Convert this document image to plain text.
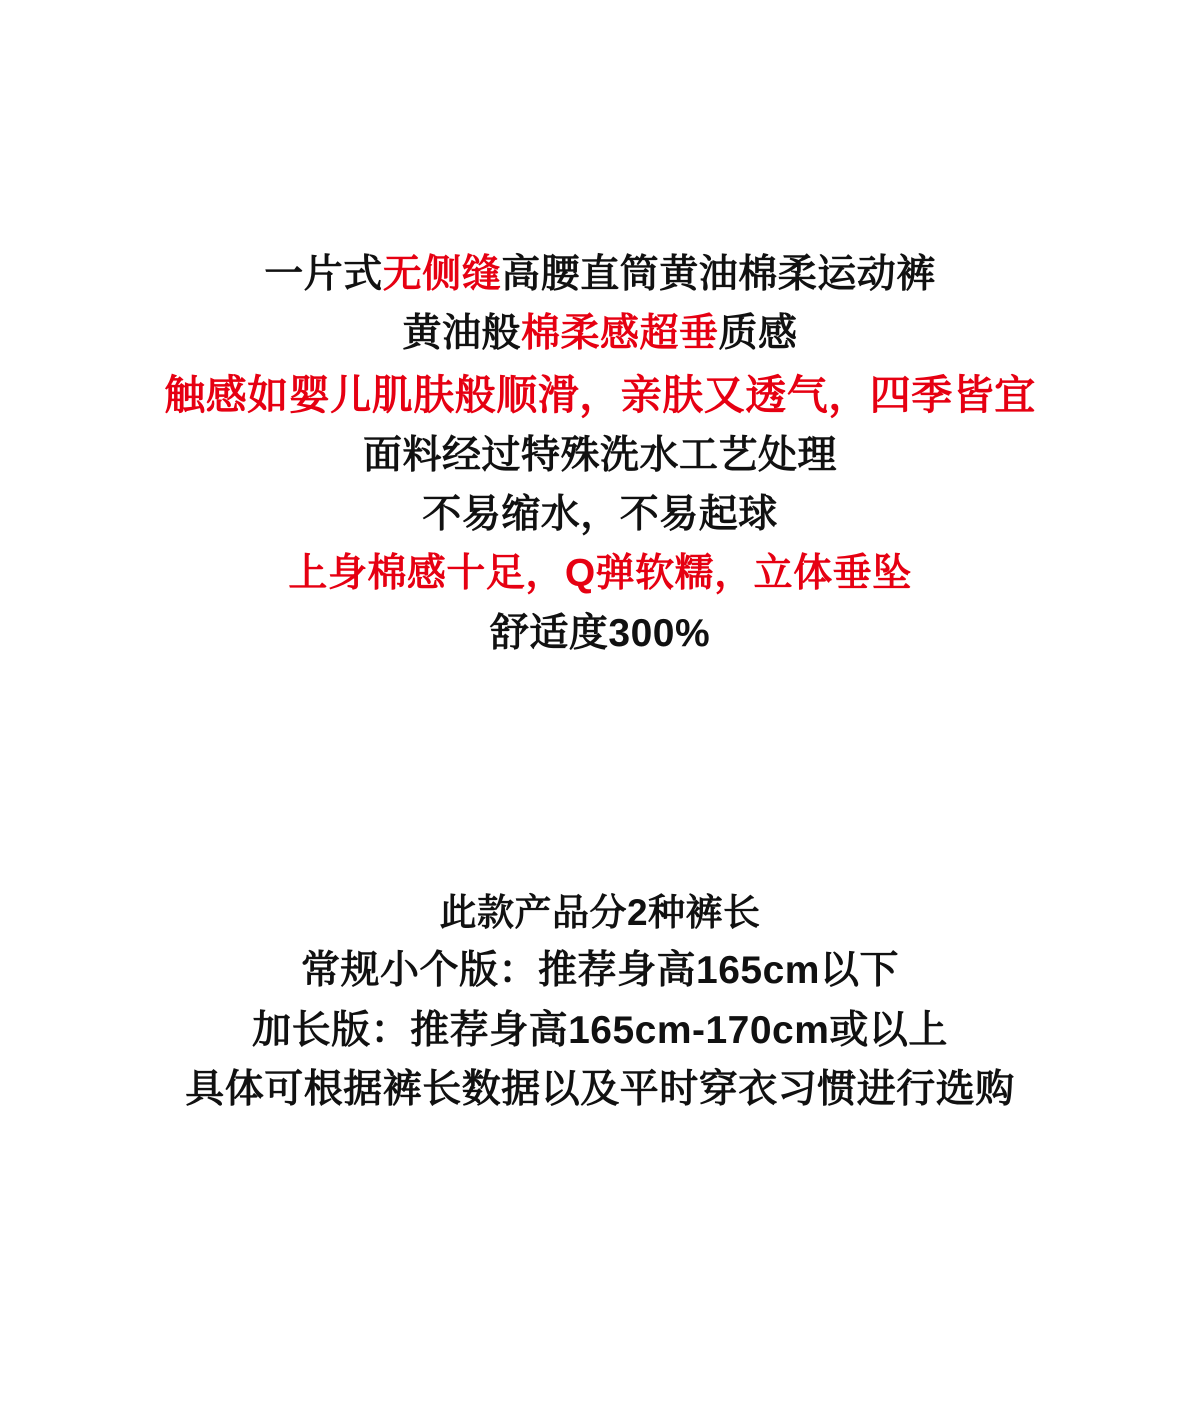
一片式无侧缝高腰直筒黄油棉柔运动裤
黄油般棉柔感超垂质感
触感如婴儿肌肤般顺滑，亲肤又透气，四季皆宜
面料经过特殊洗水工艺处理
不易缩水，不易起球
上身棉感十足，Q弹软糯，立体垂坠
舒适度300%
此款产品分2种裤长
常规小个版：推荐身高165cm以下
加长版：推荐身高165cm-170cm或以上
具体可根据裤长数据以及平时穿衣习惯进行选购
